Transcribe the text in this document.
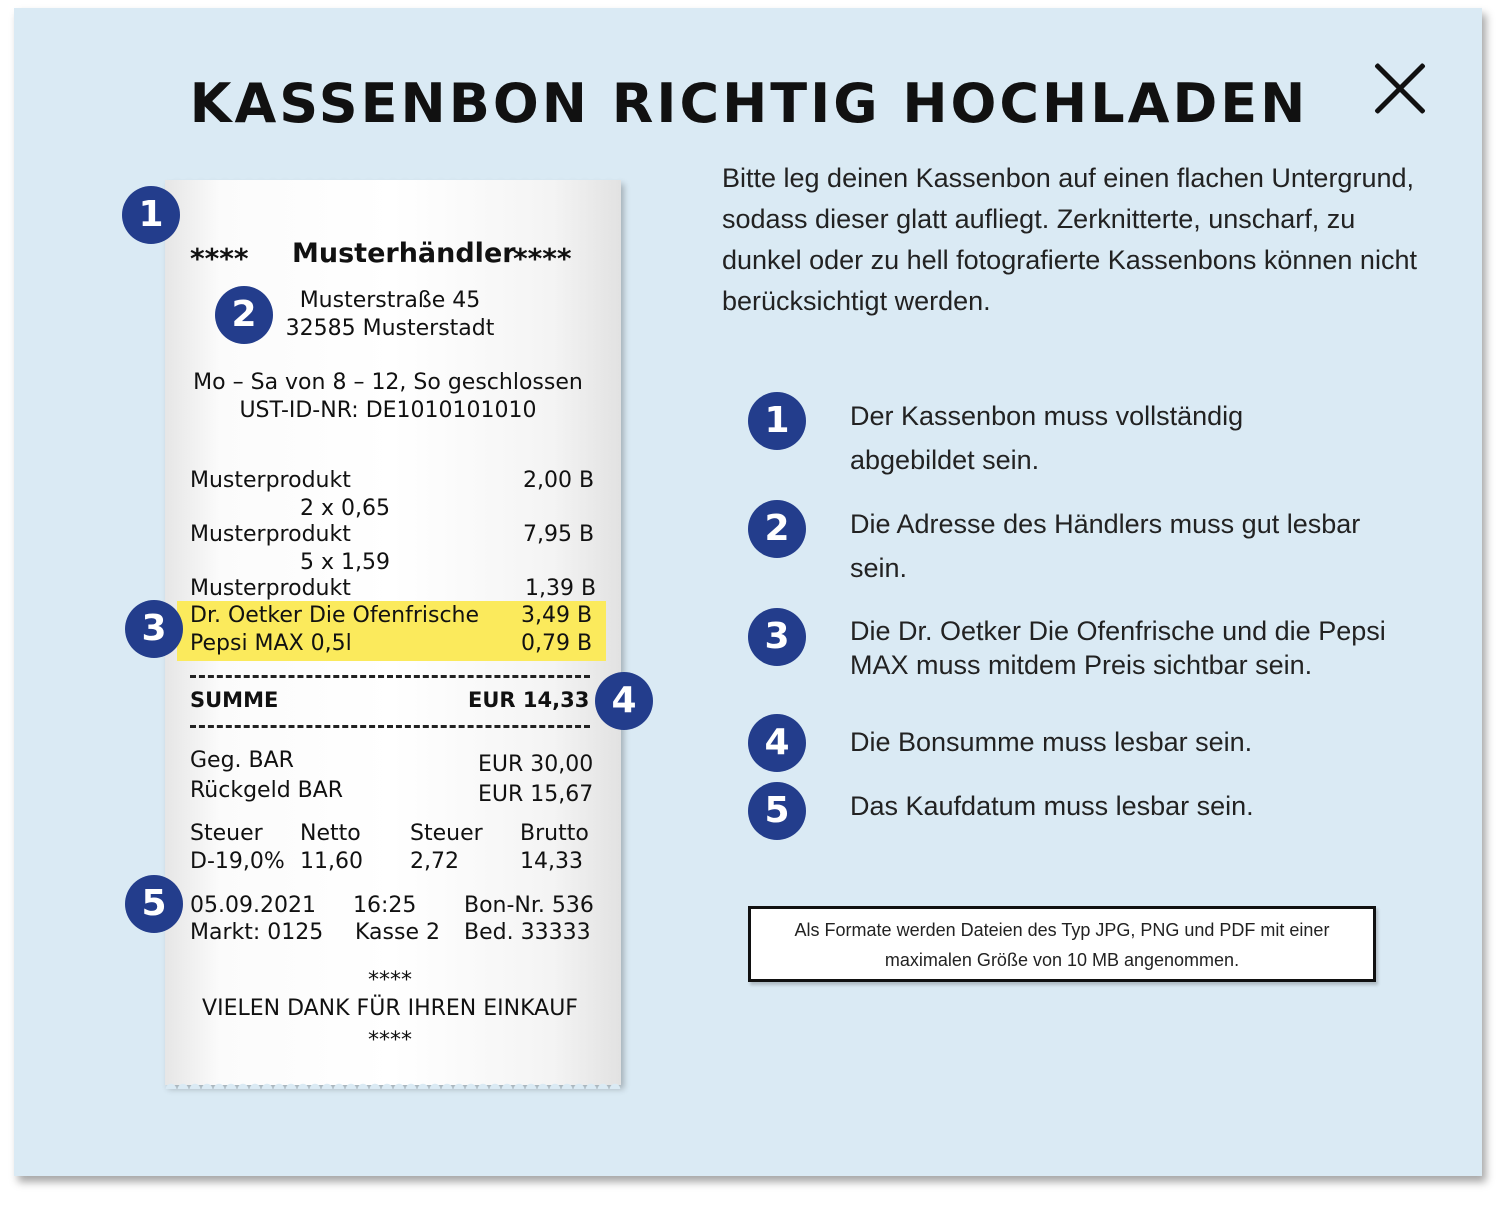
KASSENBON RICHTIG HOCHLADEN
**** Musterhändler
****
Musterstraße 45
32585 Musterstadt
Mo – Sa von 8 – 12, So geschlossen
UST-ID-NR: DE1010101010
Musterprodukt	2,00 B
2 x 0,65
Musterprodukt	7,95 B
5 x 1,59
Musterprodukt	1,39 B
Dr. Oetker Die Ofenfrische 3,49 B
Pepsi MAX 0,5l	0,79 B
SUMME	EUR 14,33
Geg. BAR	EUR 30,00
Rückgeld BAR	EUR 15,67
Steuer Netto Steuer Brutto
D-19,0% 11,60 2,72	14,33
05.09.2021 16:25 Bon-Nr. 536
Markt: 0125 Kasse 2 Bed. 33333
****
VIELEN DANK FÜR IHREN EINKAUF
****
1
2
3
4
5
Bitte leg deinen Kassenbon auf einen flachen Untergrund, sodass dieser glatt aufliegt. Zerknitterte, unscharf, zu dunkel oder zu hell fotografierte Kassenbons können nicht berücksichtigt werden.
1	Der Kassenbon muss vollständig abgebildet sein.
2	Die Adresse des Händlers muss gut lesbar sein.
3	Die Dr. Oetker Die Ofenfrische und die Pepsi MAX muss mitdem Preis sichtbar sein.
4	Die Bonsumme muss lesbar sein.
5	Das Kaufdatum muss lesbar sein.
Als Formate werden Dateien des Typ JPG, PNG und PDF mit einer maximalen Größe von 10 MB angenommen.
